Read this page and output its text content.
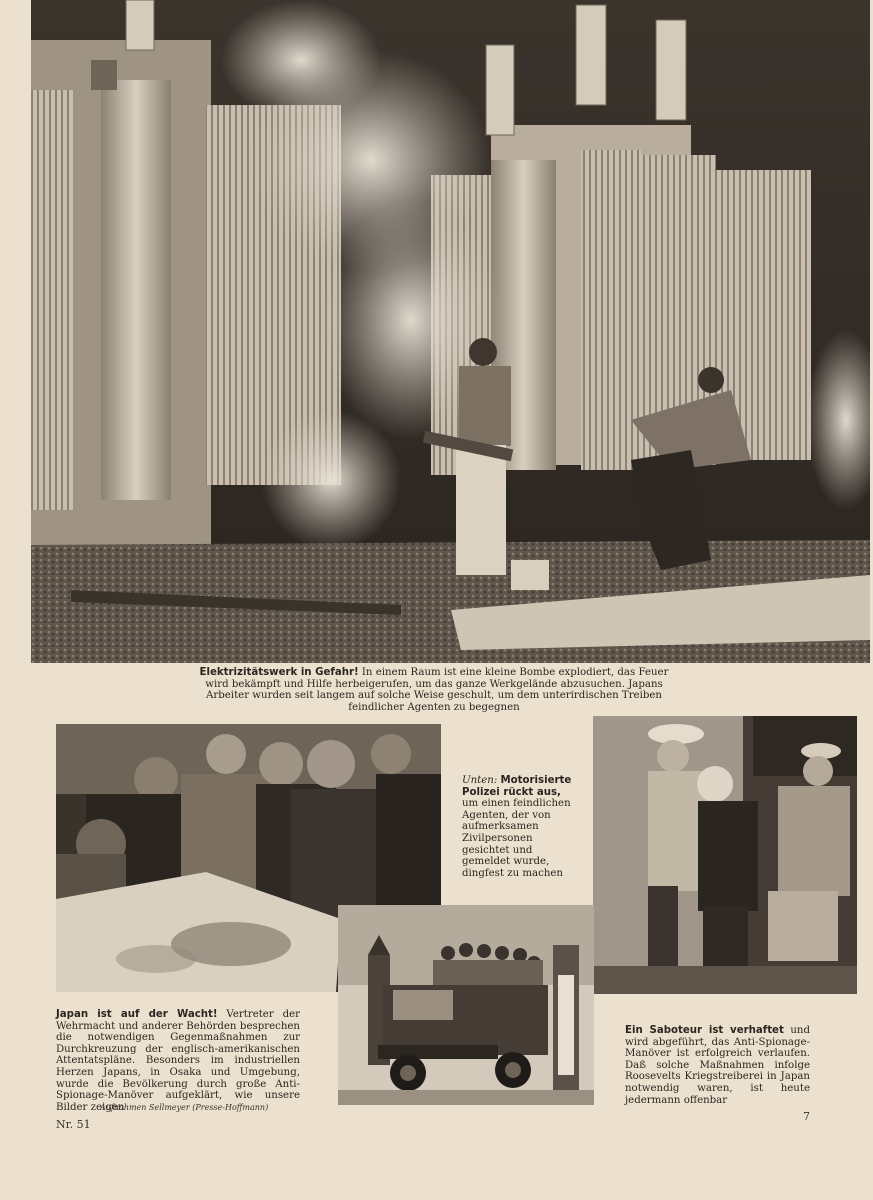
Elektrizitätswerk in Gefahr! In einem Raum ist eine kleine Bombe explodiert, das Feuer wird bekämpft und Hilfe herbeigerufen, um das ganze Werkgelände abzusuchen. Japans Arbeiter wurden seit langem auf solche Weise geschult, um dem unterirdischen Treiben feindlicher Agenten zu begegnen
Unten: Motorisierte Polizei rückt aus, um einen feindlichen Agenten, der von aufmerksamen Zivilpersonen gesichtet und gemeldet wurde, dingfest zu machen
Japan ist auf der Wacht! Vertreter der Wehrmacht und anderer Behörden besprechen die notwendigen Gegenmaßnahmen zur Durchkreuzung der englisch-amerikanischen Attentatspläne. Besonders im industriellen Herzen Japans, in Osaka und Umgebung, wurde die Bevölkerung durch große Anti-Spionage-Manöver aufgeklärt, wie unsere Bilder zeigen
Aufnahmen Sellmeyer (Presse-Hoffmann)
Ein Saboteur ist verhaftet und wird abgeführt, das Anti-Spionage-Manöver ist erfolgreich verlaufen. Daß solche Maßnahmen infolge Roosevelts Kriegstreiberei in Japan notwendig waren, ist heute jedermann offenbar
Nr. 51
7
